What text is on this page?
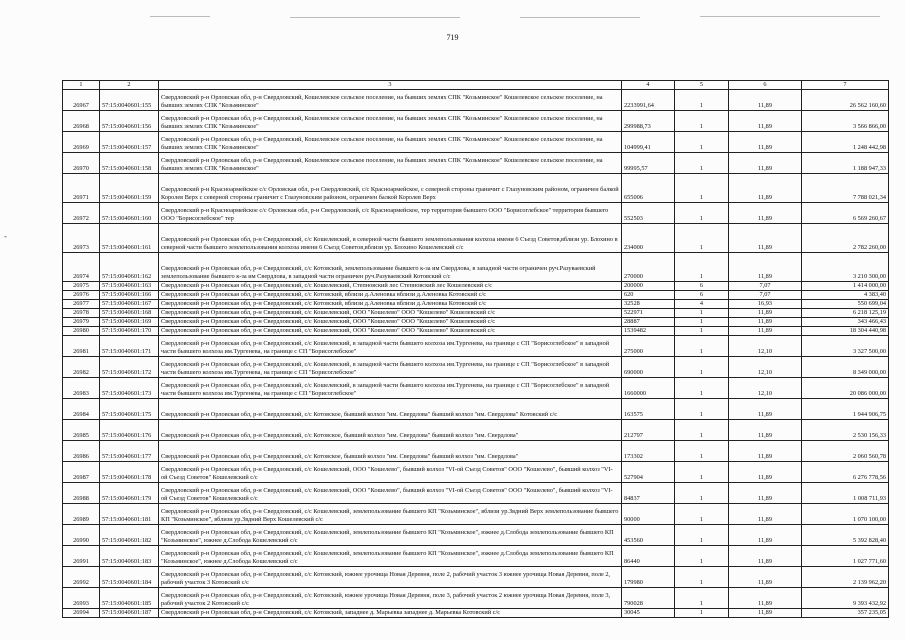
-
719
1	2	3	4	5	6	7
26967	57:15:0040601:155	Свердловский р-н Орловская обл, р-н Свердловский, Кошелевское сельское поселение, на бывших землях СПК "Козьминское" Кошелевское сельское поселение, на бывших землях СПК "Козьминское"	2233991,64	1	11,89	26 562 160,60
26968	57:15:0040601:156	Свердловский р-н Орловская обл, р-н Свердловский, Кошелевское сельское поселение, на бывших землях СПК "Козьминское" Кошелевское сельское поселение, на бывших землях СПК "Козьминское"	299988,73	1	11,89	3 566 866,00
26969	57:15:0040601:157	Свердловский р-н Орловская обл, р-н Свердловский, Кошелевское сельское поселение, на бывших землях СПК "Козьминское" Кошелевское сельское поселение, на бывших землях СПК "Козьминское"	104999,41	1	11,89	1 248 442,98
26970	57:15:0040601:158	Свердловский р-н Орловская обл, р-н Свердловский, Кошелевское сельское поселение, на бывших землях СПК "Козьминское" Кошелевское сельское поселение, на бывших землях СПК "Козьминское"	99995,57	1	11,89	1 188 947,33
26971	57:15:0040601:159	Свердловский р-н Красноармейское с/с Орловская обл, р-н Свердловский, с/с Красноармейское, с северной стороны граничит с Глазуновским районом, ограничен балкой Королев Верх с северной стороны граничит с Глазуновским районом, ограничен балкой Королев Верх	655006	1	11,89	7 788 021,34
26972	57:15:0040601:160	Свердловский р-н Красноармейское с/с Орловская обл, р-н Свердловский, с/с Красноармейское, тер территория бывшего ООО "Борисоглебское" территория бывшего ООО "Борисоглебское" тер	552503	1	11,89	6 569 260,67
26973	57:15:0040601:161	Свердловский р-н Орловская обл, р-н Свердловский, с/с Кошелевский, в северной части бывшего землепользования колхоза имени 6 Съезд Советов,вблизи ур. Блохино в северной части бывшего землепользования колхоза имени 6 Съезд Советов,вблизи ур. Блохино Кошелевский с/с	234000	1	11,89	2 782 260,00
26974	57:15:0040601:162	Свердловский р-н Орловская обл, р-н Свердловский, с/с Котовский, землепользование бывшего к-за им Свердлова, в западной части ограничен руч.Разуваевский землепользование бывшего к-за им Свердлова, в западной части ограничен руч.Разуваевский Котовский с/с	270000	1	11,89	3 210 300,00
26975	57:15:0040601:163	Свердловский р-н Орловская обл, р-н Свердловский, с/с Кошелевский, Степновский лес Степновский лес Кошелевский с/с	200000	6	7,07	1 414 000,00
26976	57:15:0040601:166	Свердловский р-н Орловская обл, р-н Свердловский, с/с Котовский, вблизи д.Аленовка вблизи д.Аленовка Котовский с/с	620	6	7,07	4 383,40
26977	57:15:0040601:167	Свердловский р-н Орловская обл, р-н Свердловский, с/с Котовский, вблизи д.Аленовка вблизи д.Аленовка Котовский с/с	32528	4	16,93	550 699,04
26978	57:15:0040601:168	Свердловский р-н Орловская обл, р-н Свердловский, с/с Кошелевский, ООО "Кошелево" ООО "Кошелево" Кошелевский с/с	522971	1	11,89	6 218 125,19
26979	57:15:0040601:169	Свердловский р-н Орловская обл, р-н Свердловский, с/с Кошелевский, ООО "Кошелево" ООО "Кошелево" Кошелевский с/с	28887	1	11,89	343 466,43
26980	57:15:0040601:170	Свердловский р-н Орловская обл, р-н Свердловский, с/с Кошелевский, ООО "Кошелево" ООО "Кошелево" Кошелевский с/с	1539482	1	11,89	18 304 440,98
26981	57:15:0040601:171	Свердловский р-н Орловская обл, р-н Свердловский, с/с Кошелевский, в западной части бывшего колхоза им.Тургенева, на границе с СП "Борисоглебское" в западной части бывшего колхоза им.Тургенева, на границе с СП "Борисоглебское"	275000	1	12,10	3 327 500,00
26982	57:15:0040601:172	Свердловский р-н Орловская обл, р-н Свердловский, с/с Кошелевский, в западной части бывшего колхоза им.Тургенева, на границе с СП "Борисоглебское" в западной части бывшего колхоза им.Тургенева, на границе с СП "Борисоглебское"	690000	1	12,10	8 349 000,00
26983	57:15:0040601:173	Свердловский р-н Орловская обл, р-н Свердловский, с/с Кошелевский, в западной части бывшего колхоза им.Тургенева, на границе с СП "Борисоглебское" в западной части бывшего колхоза им.Тургенева, на границе с СП "Борисоглебское"	1660000	1	12,10	20 086 000,00
26984	57:15:0040601:175	Свердловский р-н Орловская обл, р-н Свердловский, с/с Котовское, бывший колхоз "им. Свердлова" бывший колхоз "им. Свердлова" Котовский с/с	163575	1	11,89	1 944 906,75
26985	57:15:0040601:176	Свердловский р-н Орловская обл, р-н Свердловский, с/с Котовское, бывший колхоз "им. Свердлова" бывший колхоз "им. Свердлова"	212797	1	11,89	2 530 156,33
26986	57:15:0040601:177	Свердловский р-н Орловская обл, р-н Свердловский, с/с Котовское, бывший колхоз "им. Свердлова" бывший колхоз "им. Свердлова"	173302	1	11,89	2 060 560,78
26987	57:15:0040601:178	Свердловский р-н Орловская обл, р-н Свердловский, с/с Кошелевский, ООО "Кошелево", бывший колхоз "VI-ой Съезд Советов" ООО "Кошелево", бывший колхоз "VI-ой Съезд Советов" Кошелевский с/с	527904	1	11,89	6 276 778,56
26988	57:15:0040601:179	Свердловский р-н Орловская обл, р-н Свердловский, с/с Кошелевский, ООО "Кошелево", бывший колхоз "VI-ой Съезд Советов" ООО "Кошелево", бывший колхоз "VI-ой Съезд Советов" Кошелевский с/с	84837	1	11,89	1 008 711,93
26989	57:15:0040601:181	Свердловский р-н Орловская обл, р-н Свердловский, с/с Кошелевский, землепользование бывшего КП "Козьминское", вблизи ур.Звдний Верх землепользование бывшего КП "Козьминское", вблизи ур.Звдний Верх Кошелевский с/с	90000	1	11,89	1 070 100,00
26990	57:15:0040601:182	Свердловский р-н Орловская обл, р-н Свердловский, с/с Кошелевский, землепользование бывшего КП "Козьминское", южнее д.Слобода землепользование бывшего КП "Козьминское", южнее д.Слобода Кошелевский с/с	453560	1	11,89	5 392 828,40
26991	57:15:0040601:183	Свердловский р-н Орловская обл, р-н Свердловский, с/с Кошелевский, землепользование бывшего КП "Козьминское", южнее д.Слобода землепользование бывшего КП "Козьминское", южнее д.Слобода Кошелевский с/с	86440	1	11,89	1 027 771,60
26992	57:15:0040601:184	Свердловский р-н Орловская обл, р-н Свердловский, с/с Котовский, южнее урочища Новая Деревня, поле 2, рабочий участок 3 южнее урочища Новая Деревня, поле 2, рабочий участок 3 Котовский с/с	179980	1	11,89	2 139 962,20
26993	57:15:0040601:185	Свердловский р-н Орловская обл, р-н Свердловский, с/с Котовский, южнее урочища Новая Деревня, поле 3, рабочий участок 2 южнее урочища Новая Деревня, поле 3, рабочий участок 2 Котовский с/с	790028	1	11,89	9 393 432,92
26994	57:15:0040601:187	Свердловский р-н Орловская обл, р-н Свердловский, с/с Котовский, западнее д. Марьевка западнее д. Марьевка Котовский с/с	30045	1	11,89	357 235,05
